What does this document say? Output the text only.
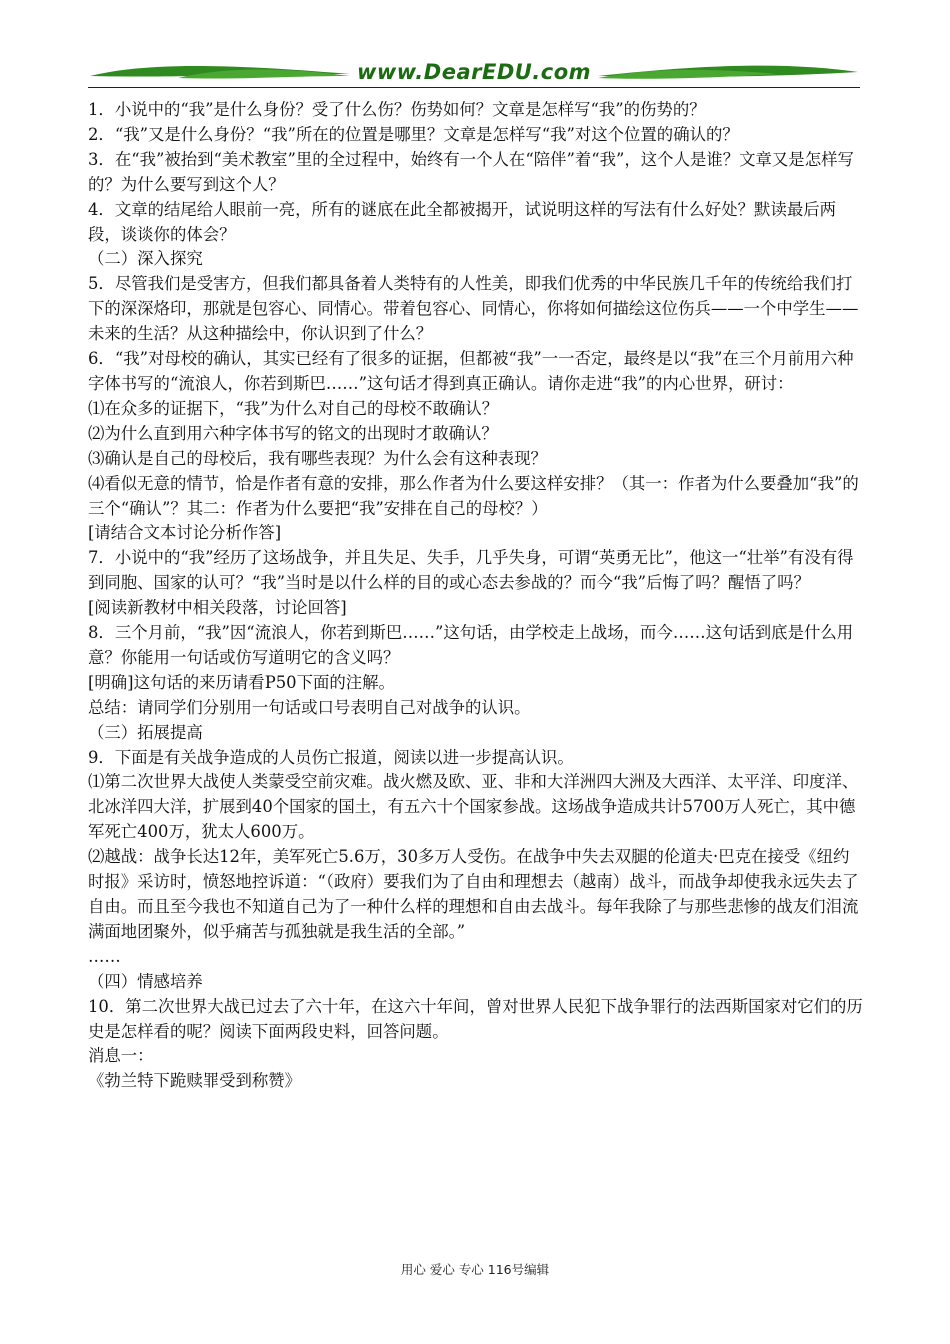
www.DearEDU.com

1．小说中的“我”是什么身份？受了什么伤？伤势如何？文章是怎样写“我”的伤势的？

2．“我”又是什么身份？“我”所在的位置是哪里？文章是怎样写“我”对这个位置的确认的？

3．在“我”被抬到“美术教室”里的全过程中，始终有一个人在“陪伴”着“我”，这个人是谁？文章又是怎样写的？为什么要写到这个人？

4．文章的结尾给人眼前一亮，所有的谜底在此全都被揭开，试说明这样的写法有什么好处？默读最后两段，谈谈你的体会？

（二）深入探究

5．尽管我们是受害方，但我们都具备着人类特有的人性美，即我们优秀的中华民族几千年的传统给我们打下的深深烙印，那就是包容心、同情心。带着包容心、同情心，你将如何描绘这位伤兵——一个中学生——未来的生活？从这种描绘中，你认识到了什么？

6．“我”对母校的确认，其实已经有了很多的证据，但都被“我”一一否定，最终是以“我”在三个月前用六种字体书写的“流浪人，你若到斯巴……”这句话才得到真正确认。请你走进“我”的内心世界，研讨：

⑴在众多的证据下，“我”为什么对自己的母校不敢确认？

⑵为什么直到用六种字体书写的铭文的出现时才敢确认？

⑶确认是自己的母校后，我有哪些表现？为什么会有这种表现？

⑷看似无意的情节，恰是作者有意的安排，那么作者为什么要这样安排？（其一：作者为什么要叠加“我”的三个“确认”？其二：作者为什么要把“我”安排在自己的母校？）

[请结合文本讨论分析作答]

7．小说中的“我”经历了这场战争，并且失足、失手，几乎失身，可谓“英勇无比”，他这一“壮举”有没有得到同胞、国家的认可？“我”当时是以什么样的目的或心态去参战的？而今“我”后悔了吗？醒悟了吗？

[阅读新教材中相关段落，讨论回答]

8．三个月前，“我”因“流浪人，你若到斯巴……”这句话，由学校走上战场，而今……这句话到底是什么用意？你能用一句话或仿写道明它的含义吗？

[明确]这句话的来历请看P50下面的注解。

总结：请同学们分别用一句话或口号表明自己对战争的认识。

（三）拓展提高

9．下面是有关战争造成的人员伤亡报道，阅读以进一步提高认识。

⑴第二次世界大战使人类蒙受空前灾难。战火燃及欧、亚、非和大洋洲四大洲及大西洋、太平洋、印度洋、北冰洋四大洋，扩展到40个国家的国土，有五六十个国家参战。这场战争造成共计5700万人死亡，其中德军死亡400万，犹太人600万。

⑵越战：战争长达12年，美军死亡5.6万，30多万人受伤。在战争中失去双腿的伦道夫·巴克在接受《纽约时报》采访时，愤怒地控诉道：“（政府）要我们为了自由和理想去（越南）战斗，而战争却使我永远失去了自由。而且至今我也不知道自己为了一种什么样的理想和自由去战斗。每年我除了与那些悲惨的战友们泪流满面地团聚外，似乎痛苦与孤独就是我生活的全部。”

……

（四）情感培养

10．第二次世界大战已过去了六十年，在这六十年间，曾对世界人民犯下战争罪行的法西斯国家对它们的历史是怎样看的呢？阅读下面两段史料，回答问题。

消息一：

《勃兰特下跪赎罪受到称赞》

用心 爱心 专心 116号编辑
